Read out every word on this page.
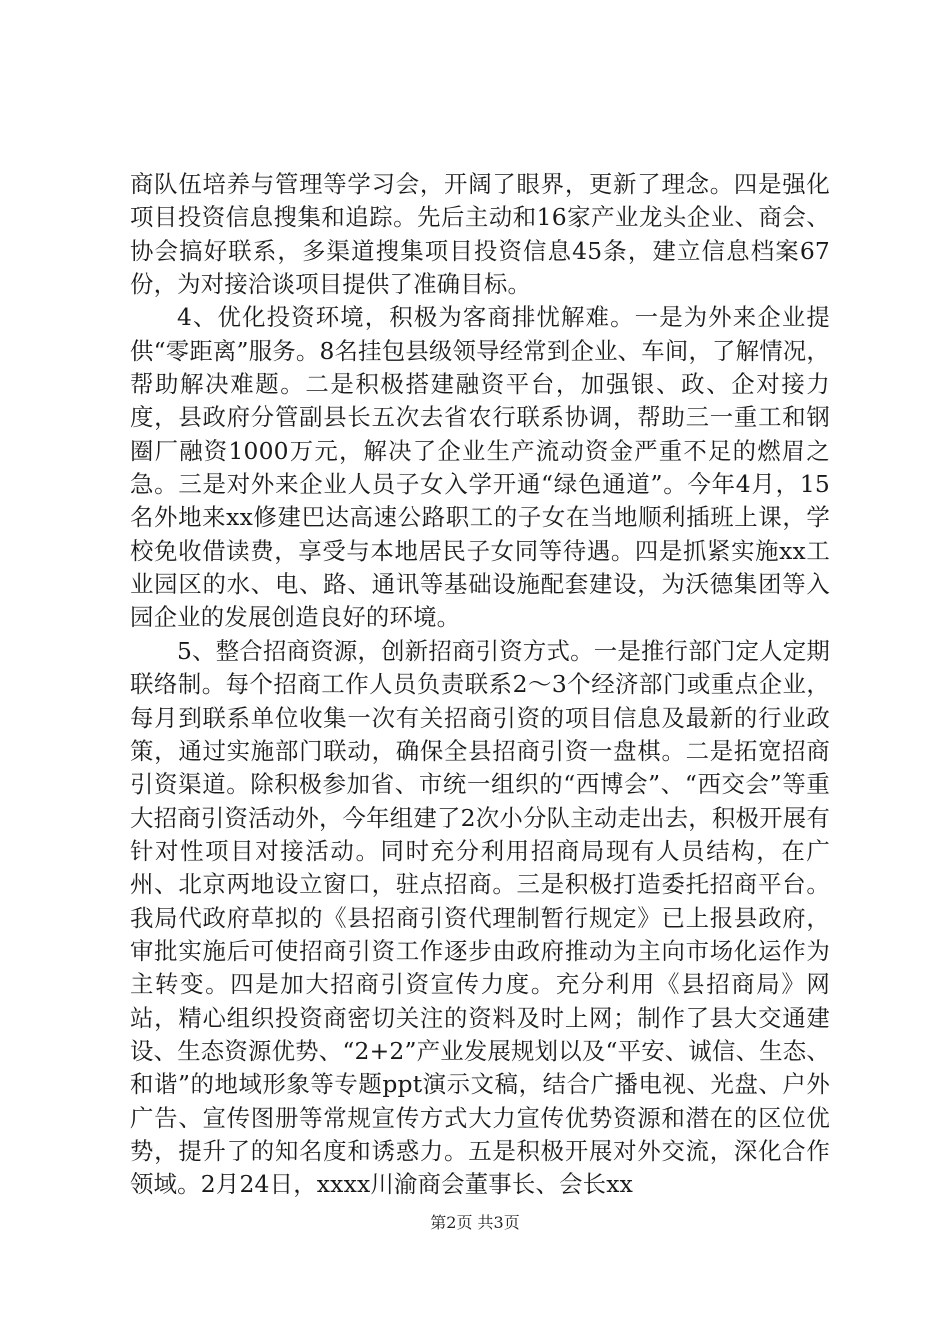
商队伍培养与管理等学习会，开阔了眼界，更新了理念。四是强化项目投资信息搜集和追踪。先后主动和16家产业龙头企业、商会、协会搞好联系，多渠道搜集项目投资信息45条，建立信息档案67份，为对接洽谈项目提供了准确目标。

4、优化投资环境，积极为客商排忧解难。一是为外来企业提供“零距离”服务。8名挂包县级领导经常到企业、车间，了解情况，帮助解决难题。二是积极搭建融资平台，加强银、政、企对接力度，县政府分管副县长五次去省农行联系协调，帮助三一重工和钢圈厂融资1000万元，解决了企业生产流动资金严重不足的燃眉之急。三是对外来企业人员子女入学开通“绿色通道”。今年4月，15名外地来xx修建巴达高速公路职工的子女在当地顺利插班上课，学校免收借读费，享受与本地居民子女同等待遇。四是抓紧实施xx工业园区的水、电、路、通讯等基础设施配套建设，为沃德集团等入园企业的发展创造良好的环境。

5、整合招商资源，创新招商引资方式。一是推行部门定人定期联络制。每个招商工作人员负责联系2～3个经济部门或重点企业，每月到联系单位收集一次有关招商引资的项目信息及最新的行业政策，通过实施部门联动，确保全县招商引资一盘棋。二是拓宽招商引资渠道。除积极参加省、市统一组织的“西博会”、“西交会”等重大招商引资活动外，今年组建了2次小分队主动走出去，积极开展有针对性项目对接活动。同时充分利用招商局现有人员结构，在广州、北京两地设立窗口，驻点招商。三是积极打造委托招商平台。我局代政府草拟的《县招商引资代理制暂行规定》已上报县政府，审批实施后可使招商引资工作逐步由政府推动为主向市场化运作为主转变。四是加大招商引资宣传力度。充分利用《县招商局》网站，精心组织投资商密切关注的资料及时上网；制作了县大交通建设、生态资源优势、“2+2”产业发展规划以及“平安、诚信、生态、和谐”的地域形象等专题ppt演示文稿，结合广播电视、光盘、户外广告、宣传图册等常规宣传方式大力宣传优势资源和潜在的区位优势，提升了的知名度和诱惑力。五是积极开展对外交流，深化合作领域。2月24日，xxxx川渝商会董事长、会长xx

第2页 共3页
